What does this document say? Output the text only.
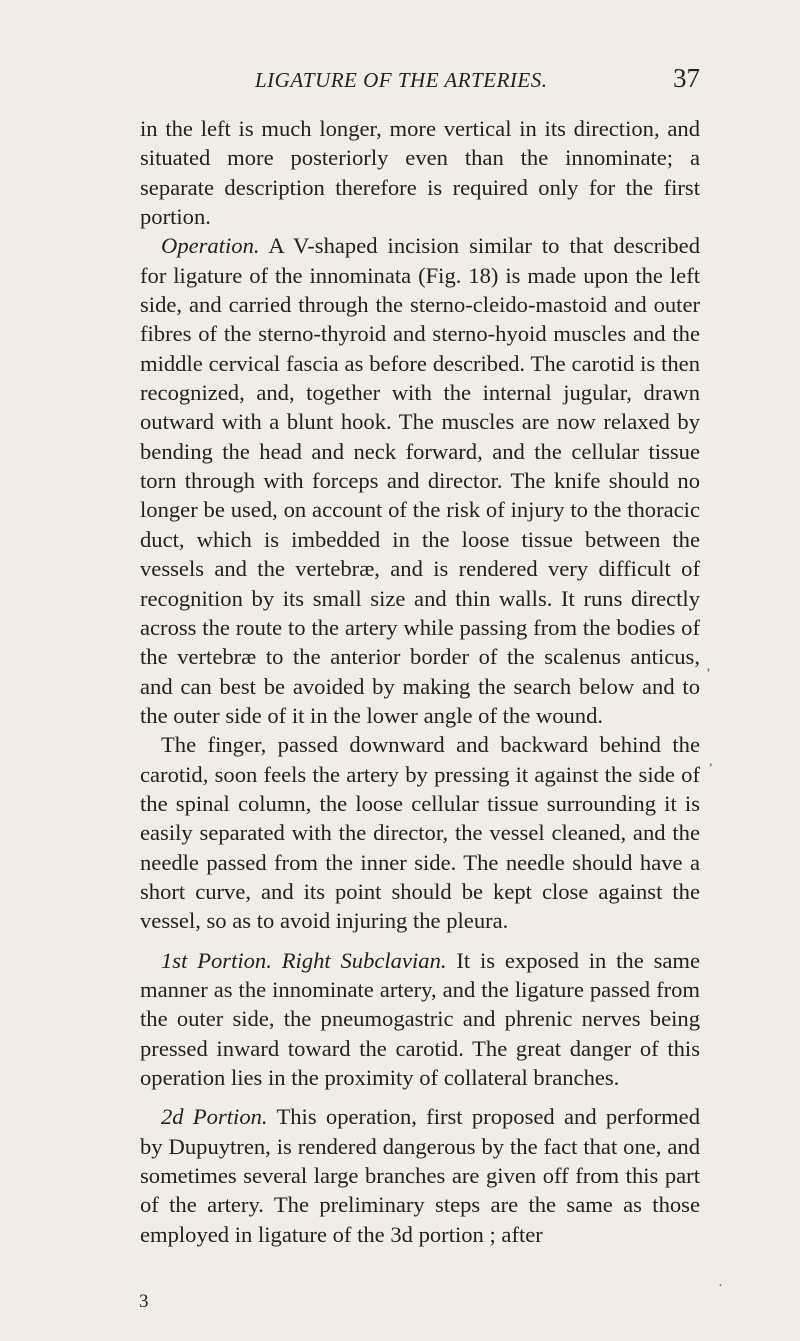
LIGATURE OF THE ARTERIES.	37

in the left is much longer, more vertical in its direction, and situated more posteriorly even than the innominate; a separate description therefore is required only for the first portion.

Operation. A V-shaped incision similar to that described for ligature of the innominata (Fig. 18) is made upon the left side, and carried through the sterno-cleido-mastoid and outer fibres of the sterno-thyroid and sterno-hyoid muscles and the middle cervical fascia as before described. The carotid is then recognized, and, together with the internal jugular, drawn outward with a blunt hook. The muscles are now relaxed by bending the head and neck forward, and the cellular tissue torn through with forceps and director. The knife should no longer be used, on account of the risk of injury to the thoracic duct, which is imbedded in the loose tissue between the vessels and the vertebræ, and is rendered very difficult of recognition by its small size and thin walls. It runs directly across the route to the artery while passing from the bodies of the vertebræ to the anterior border of the scalenus anticus, and can best be avoided by making the search below and to the outer side of it in the lower angle of the wound.

The finger, passed downward and backward behind the carotid, soon feels the artery by pressing it against the side of the spinal column, the loose cellular tissue surrounding it is easily separated with the director, the vessel cleaned, and the needle passed from the inner side. The needle should have a short curve, and its point should be kept close against the vessel, so as to avoid injuring the pleura.

1st Portion. Right Subclavian. It is exposed in the same manner as the innominate artery, and the ligature passed from the outer side, the pneumogastric and phrenic nerves being pressed inward toward the carotid. The great danger of this operation lies in the proximity of collateral branches.

2d Portion. This operation, first proposed and performed by Dupuytren, is rendered dangerous by the fact that one, and sometimes several large branches are given off from this part of the artery. The preliminary steps are the same as those employed in ligature of the 3d portion ; after

3
‚
,
·
